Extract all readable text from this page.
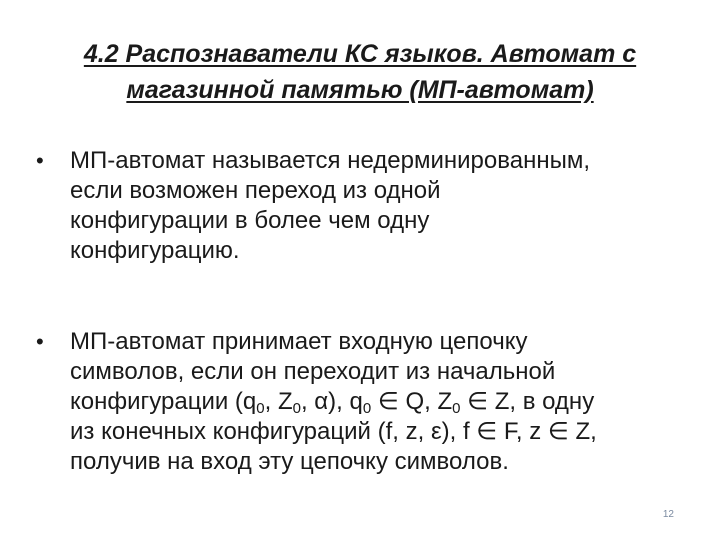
4.2 Распознаватели КС языков. Автомат с
магазинной памятью (МП-автомат)
•	МП-автомат называется недерминированным,
если возможен переход из одной
конфигурации в более чем одну
конфигурацию.
•	МП-автомат принимает входную цепочку
символов, если он переходит из начальной
конфигурации ($q_0$, $Z_0$, α), $q_0$ ∈ Q, $Z_0$ ∈ Z, в одну
из конечных конфигураций (f, z, ε), f ∈ F, z ∈ Z,
получив на вход эту цепочку символов.
12
